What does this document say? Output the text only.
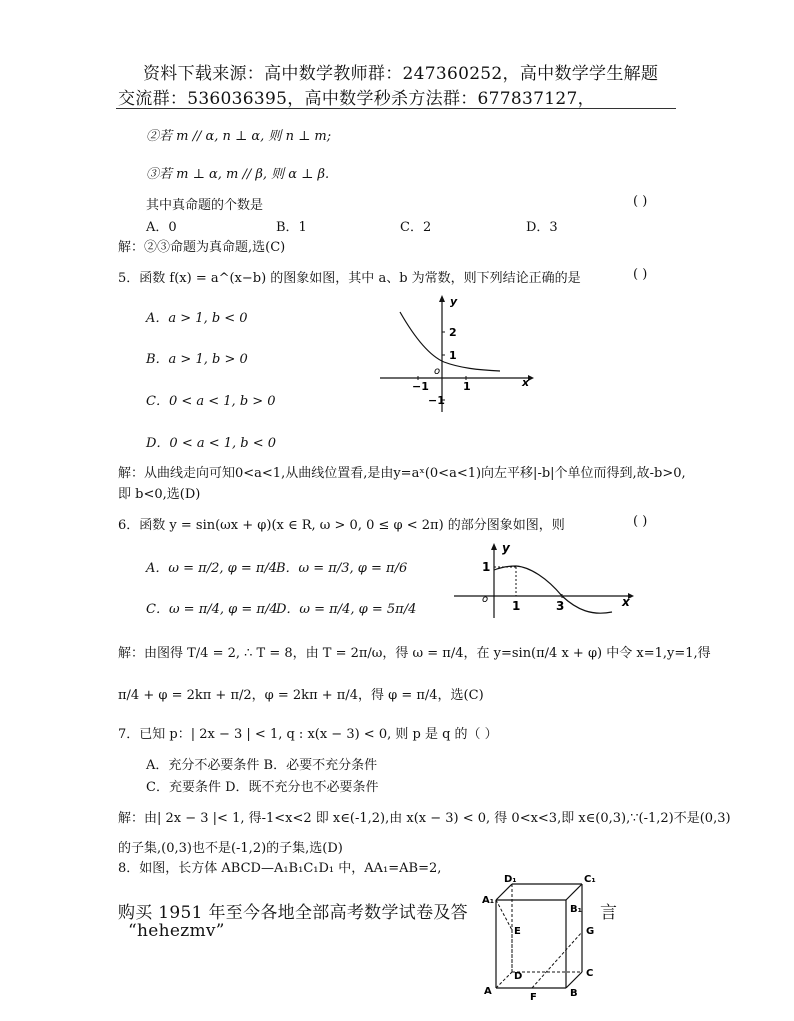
资料下载来源：高中数学教师群：247360252，高中数学学生解题
交流群：536036395，高中数学秒杀方法群：677837127，
②若 m // α, n ⊥ α, 则 n ⊥ m;
③若 m ⊥ α, m // β, 则 α ⊥ β.
其中真命题的个数是	( )
A．0	B．1	C．2	D．3
解：②③命题为真命题,选(C)
5．函数 f(x) = a^(x−b) 的图象如图，其中 a、b 为常数，则下列结论正确的是	( )
A．a > 1, b < 0
B．a > 1, b > 0
C．0 < a < 1, b > 0
D．0 < a < 1, b < 0
y
x
o
2
1
−1
−1	1
解：从曲线走向可知0<a<1,从曲线位置看,是由y=aˣ(0<a<1)向左平移|-b|个单位而得到,故-b>0,
即 b<0,选(D)
6．函数 y = sin(ωx + φ)(x ∈ R, ω > 0, 0 ≤ φ < 2π) 的部分图象如图，则	( )
A．ω = π/2, φ = π/4
B．ω = π/3, φ = π/6
C．ω = π/4, φ = π/4
D．ω = π/4, φ = 5π/4
y
x
o
1
1	3
解：由图得 T/4 = 2, ∴ T = 8，由 T = 2π/ω，得 ω = π/4，在 y=sin(π/4 x + φ) 中令 x=1,y=1,得
π/4 + φ = 2kπ + π/2，φ = 2kπ + π/4，得 φ = π/4，选(C)
7．已知 p：| 2x − 3 | < 1, q : x(x − 3) < 0, 则 p 是 q 的（ ）
A．充分不必要条件 B．必要不充分条件
C．充要条件 D．既不充分也不必要条件
解：由| 2x − 3 |< 1, 得-1<x<2 即 x∈(-1,2),由 x(x − 3) < 0, 得 0<x<3,即 x∈(0,3),∵(-1,2)不是(0,3)
的子集,(0,3)也不是(-1,2)的子集,选(D)
8．如图，长方体 ABCD—A₁B₁C₁D₁ 中，AA₁=AB=2,
购买 1951 年至今各地全部高考数学试卷及答	言
“hehezmv”
D₁	C₁
A₁
B₁
E	G
D	C
A	B
F
